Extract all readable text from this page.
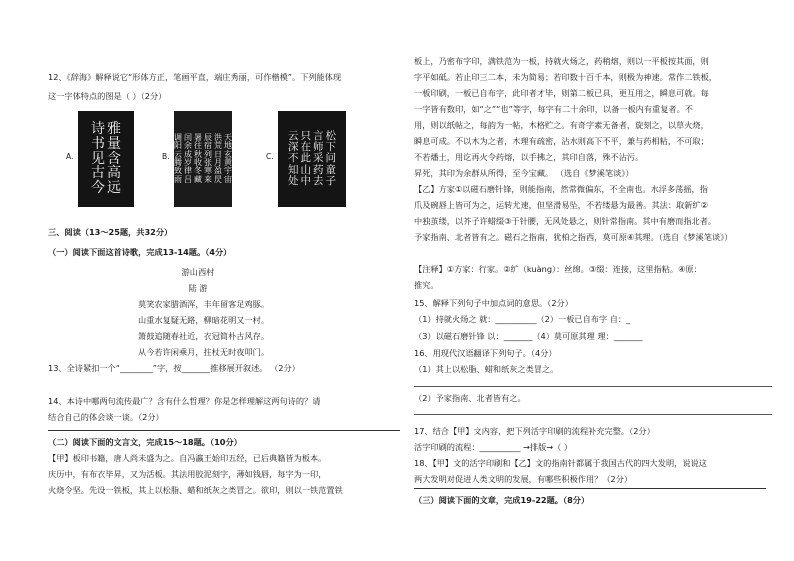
12、《辞海》解释说它“形体方正，笔画平直，端庄秀丽，可作楷模”。下列能体现
这一字体特点的图是（ ）（2分）
A.
雅
量
含
高
远
诗
书
见
古
今
B.
天
地
玄
黄
宇
宙
洪
荒
日
月
盈
昃
辰
宿
列
张
寒
来
暑
往
秋
收
冬
藏
闰
余
成
岁
律
吕
调
阳
云
腾
致
雨
C.
松
下
问
童
子
言
师
采
药
去
只
在
此
山
中
云
深
不
知
处
三、阅读（13～25题，共32分）
（一）阅读下面这首诗歌，完成13-14题。（4分）
游山西村
陆 游
莫笑农家腊酒浑，丰年留客足鸡豚。
山重水复疑无路，柳暗花明又一村。
箫鼓追随春社近，衣冠简朴古风存。
从今若许闲乘月，拄杖无时夜叩门。
13、全诗紧扣一个“________”字，按_______推移展开叙述。 （2分）
14、本诗中哪两句流传最广？含有什么哲理？你是怎样理解这两句诗的？请
结合自己的体会谈一谈。（2分）
（二）阅读下面的文言文，完成15～18题。（10分）
【甲】板印书籍，唐人尚未盛为之。自冯瀛王始印五经，已后典籍皆为板本。
庆历中，有布衣毕昇，又为活板。其法用胶泥刻字，薄如钱唇，每字为一印，
火烧令坚。先设一铁板，其上以松脂、蜡和纸灰之类冒之。欲印，则以一铁范置铁
板上，乃密布字印，满铁范为一板，持就火炀之，药稍熔，则以一平板按其面，则
字平如砥。若止印三二本，未为简易；若印数十百千本，则极为神速。常作二铁板，
一板印刷，一板已自布字，此印者才毕，则第二板已具，更互用之，瞬息可就。每
一字皆有数印，如“之”“也”等字，每字有二十余印，以备一板内有重复者。不
用，则以纸帖之，每韵为一帖，木格贮之。有奇字素无备者，旋刻之，以草火烧，
瞬息可成。不以木为之者，木理有疏密，沾水则高下不平，兼与药相粘，不可取；
不若燔土，用讫再火令药熔，以手拂之，其印自落，殊不沾污。
昇死，其印为余群从所得，至今宝藏。 （选自《梦溪笔谈》）
【乙】方家①以磁石磨针锋，则能指南，然常微偏东，不全南也。水浮多荡摇，指
爪及碗唇上皆可为之，运转尤速，但坚滑易坠，不若缕悬为最善。其法：取新纩②
中独茧缕，以芥子许蜡缀③于针腰，无风处悬之，则针常指南。其中有磨而指北者。
予家指南、北者皆有之。磁石之指南，犹柏之指西，莫可原④其理。（选自《梦溪笔谈》）
【注释】①方家：行家。②纩（kuàng）：丝绵。③缀：连接，这里指粘。④原：
推究。
15、解释下列句子中加点词的意思。（2分）
（1）持就火炀之 就：__________（2）一板已自布字 自：_
（3）以磁石磨针锋 以：_______（4）莫可原其理 理：_______
16、用现代汉语翻译下列句子。（4分）
（1）其上以松脂、蜡和纸灰之类冒之。
（2）予家指南、北者皆有之。
17、结合【甲】文内容，把下列活字印刷的流程补充完整。（2分）
活字印刷的流程：__________ →排版→（ ）
18、【甲】文的活字印刷和【乙】文的指南针都属于我国古代的四大发明，说说这
两大发明对促进人类文明的发展，有哪些积极作用？（2分）
（三）阅读下面的文章，完成19-22题。（8分）
